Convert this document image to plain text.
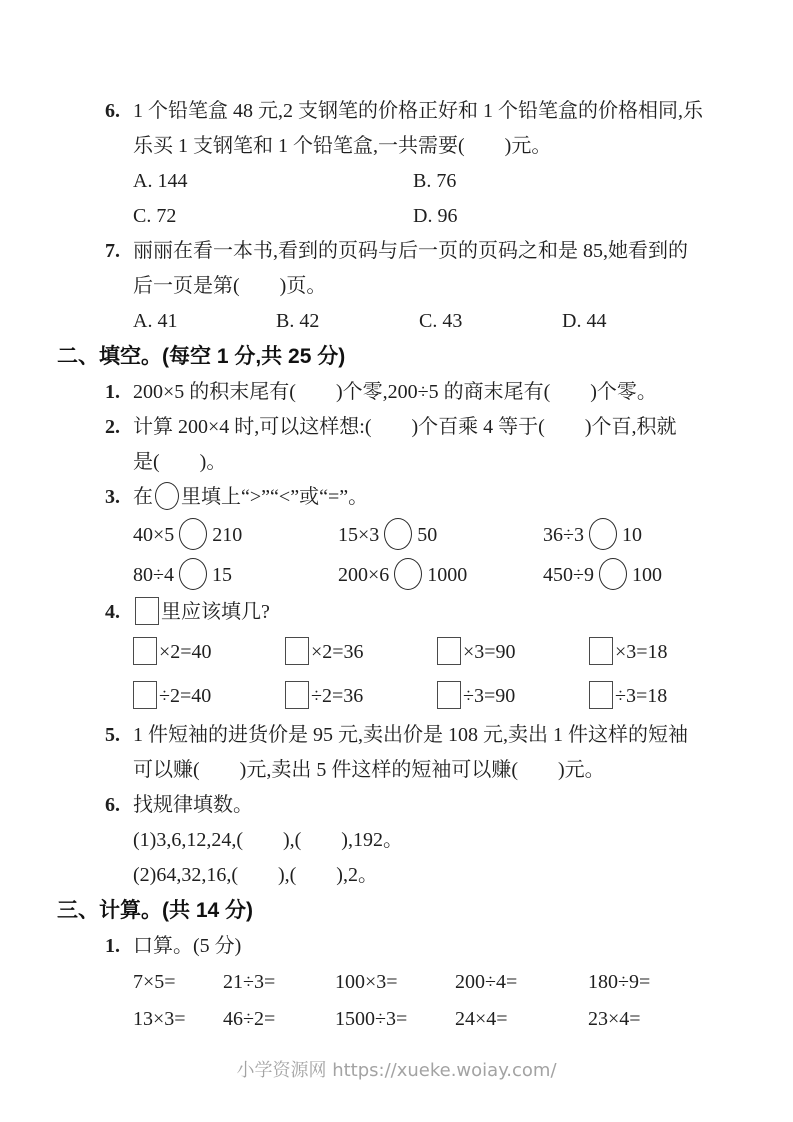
6. 1 个铅笔盒 48 元,2 支钢笔的价格正好和 1 个铅笔盒的价格相同,乐
乐买 1 支钢笔和 1 个铅笔盒,一共需要(　　)元。
A. 144	B. 76
C. 72	D. 96
7. 丽丽在看一本书,看到的页码与后一页的页码之和是 85,她看到的
后一页是第(　　)页。
A. 41	B. 42	C. 43	D. 44
二、填空。(每空 1 分,共 25 分)
1. 200×5 的积末尾有(　　)个零,200÷5 的商末尾有(　　)个零。
2. 计算 200×4 时,可以这样想:(　　)个百乘 4 等于(　　)个百,积就
是(　　)。
3. 在 里填上“>”“<”或“=”。
40×5 210	15×3 50	36÷3 10
80÷4 15	200×6 1000	450÷9 100
4.	里应该填几?
×2=40	×2=36	×3=90	×3=18
÷2=40	÷2=36	÷3=90	÷3=18
5. 1 件短袖的进货价是 95 元,卖出价是 108 元,卖出 1 件这样的短袖
可以赚(　　)元,卖出 5 件这样的短袖可以赚(　　)元。
6. 找规律填数。
(1)3,6,12,24,(　　),(　　),192。
(2)64,32,16,(　　),(　　),2。
三、计算。(共 14 分)
1. 口算。(5 分)
7×5=	21÷3=	100×3=	200÷4=	180÷9=
13×3=	46÷2=	1500÷3=	24×4=	23×4=
小学资源网 https://xueke.woiay.com/
